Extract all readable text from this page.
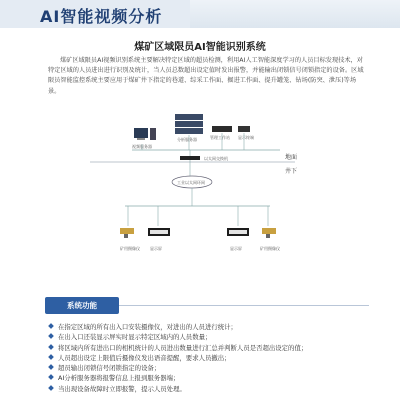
AI智能视频分析
煤矿区域限员AI智能识别系统
煤矿区域限员AI视频识别系统主要解决特定区域的超员检测，利用AI人工智能深度学习的人员目标发现技术，对特定区域的人员进出进行识别及统计，当人员总数超出设定值时发出报警，并能输出闭锁信号闭锁指定的设备。区域限员智能监控系统主要应用于煤矿井下指定的巷道、综采工作面、掘进工作面、提升罐笼、钻场(防突、泄压)等场景。
视频服务器
分析服务器	管理工作站 显示终端
以太网交换机	地面
井下
工业以太网环网
矿用摄像仪	显示屏	显示屏	矿用摄像仪
系统功能
在指定区域的所有出入口安装摄像仪，对进出的人员进行统计；
在出入口还装显示屏实时显示特定区域内的人员数量；
将区域内所有进出口的相机统计的人员进出数量进行汇总并判断人员是否超出设定的值；
人员超出设定上限值后摄像仪发出语音提醒，要求人员撤出；
超员输出闭锁信号闭锁指定的设备；
AI分析服务器将报警信息上报到服务器端；
当出现设备故障时立即报警，提示人员处理。
